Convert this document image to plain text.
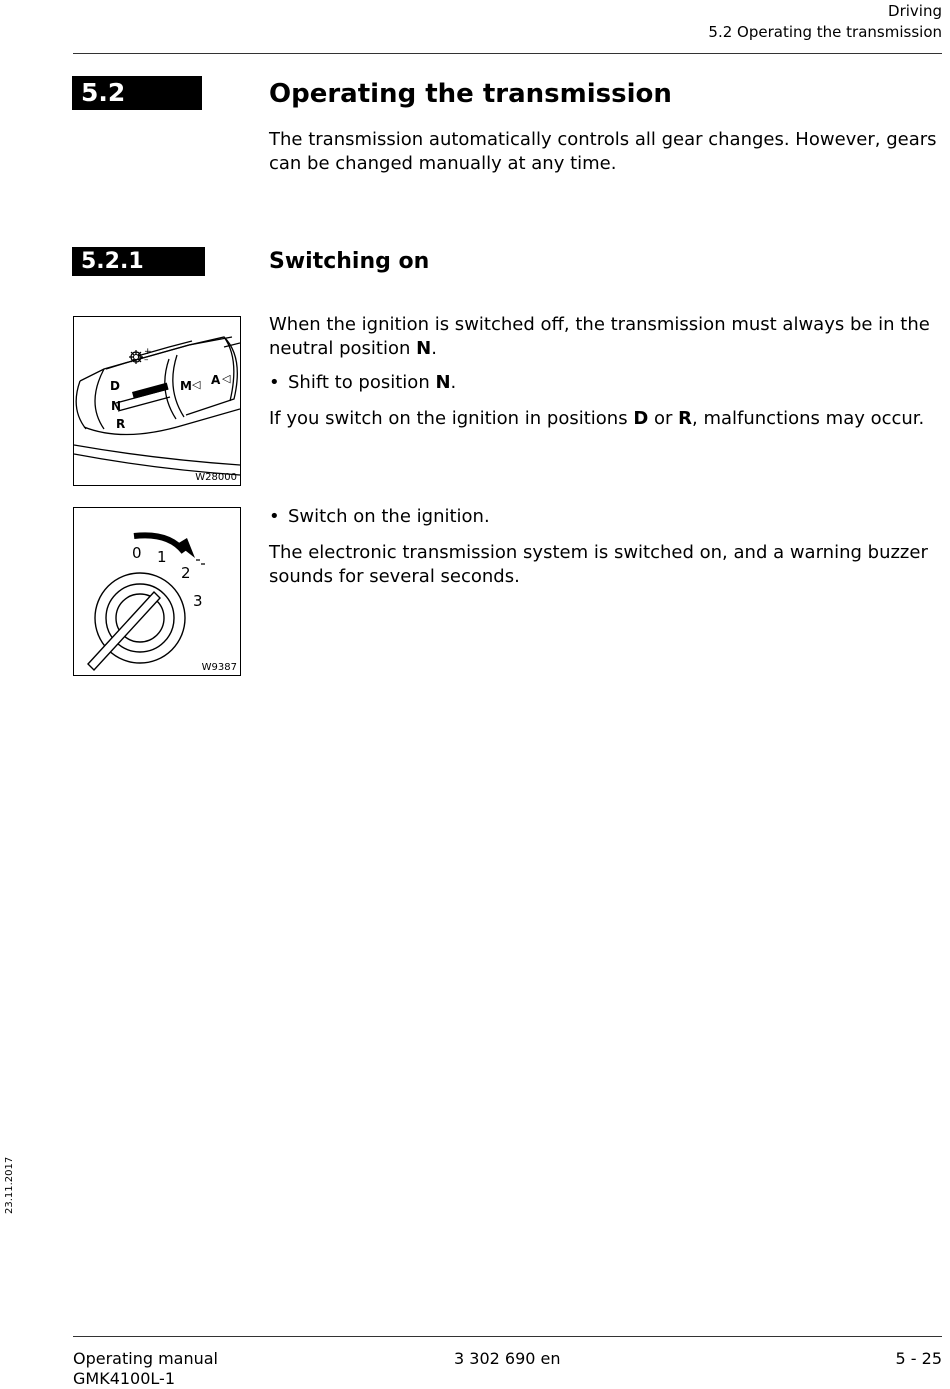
Driving
5.2 Operating the transmission
5.2	Operating the transmission
The transmission automatically controls all gear changes. However, gears can be changed manually at any time.
5.2.1	Switching on
When the ignition is switched off, the transmission must always be in the neutral position N.
• Shift to position N.
If you switch on the ignition in positions D or R, malfunctions may occur.
• Switch on the ignition.
The electronic transmission system is switched on, and a warning buzzer sounds for several seconds.
+
–
D
N
R
M ◁ A ◁
W28000
0 1
2
3
W9387
23.11.2017
Operating manual
GMK4100L-1
3 302 690 en	5 - 25
